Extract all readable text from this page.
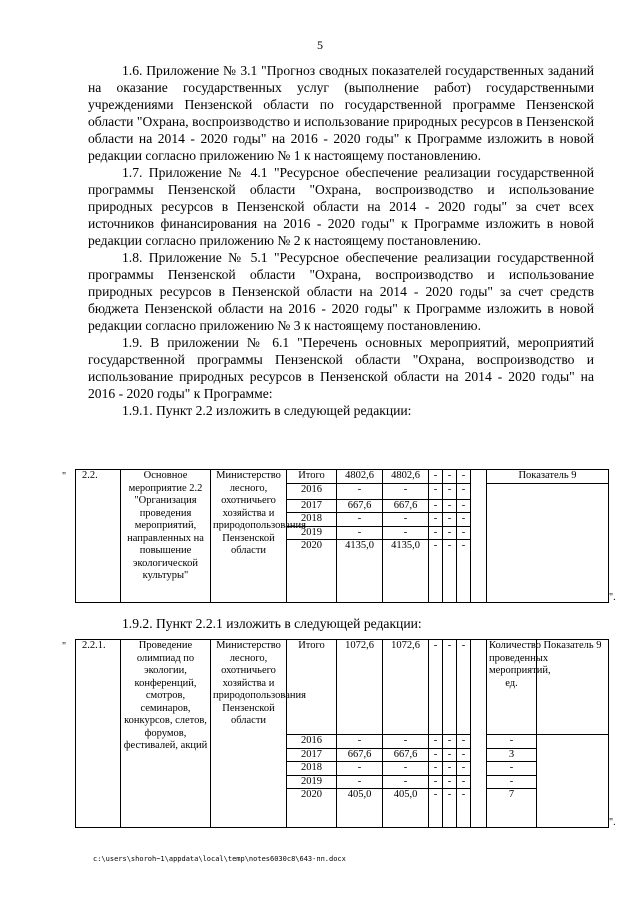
5

1.6. Приложение № 3.1 "Прогноз сводных показателей государственных заданий на оказание государственных услуг (выполнение работ) государственными учреждениями Пензенской области по государственной программе Пензенской области "Охрана, воспроизводство и использование природных ресурсов в Пензенской области на 2014 - 2020 годы" на 2016 - 2020 годы" к Программе изложить в новой редакции согласно приложению № 1 к настоящему постановлению.

1.7. Приложение № 4.1 "Ресурсное обеспечение реализации государственной программы Пензенской области "Охрана, воспроизводство и использование природных ресурсов в Пензенской области на 2014 - 2020 годы" за счет всех источников финансирования на 2016 - 2020 годы" к Программе изложить в новой редакции согласно приложению № 2 к настоящему постановлению.

1.8. Приложение № 5.1 "Ресурсное обеспечение реализации государственной программы Пензенской области "Охрана, воспроизводство и использование природных ресурсов в Пензенской области на 2014 - 2020 годы" за счет средств бюджета Пензенской области на 2016 - 2020 годы" к Программе изложить в новой редакции согласно приложению № 3 к настоящему постановлению.

1.9. В приложении № 6.1 "Перечень основных мероприятий, мероприятий государственной программы Пензенской области "Охрана, воспроизводство и использование природных ресурсов в Пензенской области на 2014 - 2020 годы" на 2016 - 2020 годы" к Программе:

1.9.1. Пункт 2.2 изложить в следующей редакции:

" 2.2.	Основное мероприятие 2.2 "Организация проведения мероприятий, направленных на повышение экологической культуры"	Министерство лесного, охотничьего хозяйства и природопользования Пензенской области	Итого	4802,6	4802,6	-	-	-		Показатель 9
			2016	-	-	-	-	-		
			2017	667,6	667,6	-	-	-		
			2018	-	-	-	-	-		
			2019	-	-	-	-	-		
			2020	4135,0	4135,0	-	-	-		
".

1.9.2. Пункт 2.2.1 изложить в следующей редакции:

" 2.2.1.	Проведение олимпиад по экологии, конференций, смотров, семинаров, конкурсов, слетов, форумов, фестивалей, акций	Министерство лесного, охотничьего хозяйства и природопользования Пензенской области	Итого	1072,6	1072,6	-	-	-		Количество проведенных мероприятий, ед.	Показатель 9
			2016	-	-	-	-	-		-	
			2017	667,6	667,6	-	-	-		3	
			2018	-	-	-	-	-		-	
			2019	-	-	-	-	-		-	
			2020	405,0	405,0	-	-	-		7	
".
c:\users\shoroh~1\appdata\local\temp\notes6030c8\643-пп.docx
